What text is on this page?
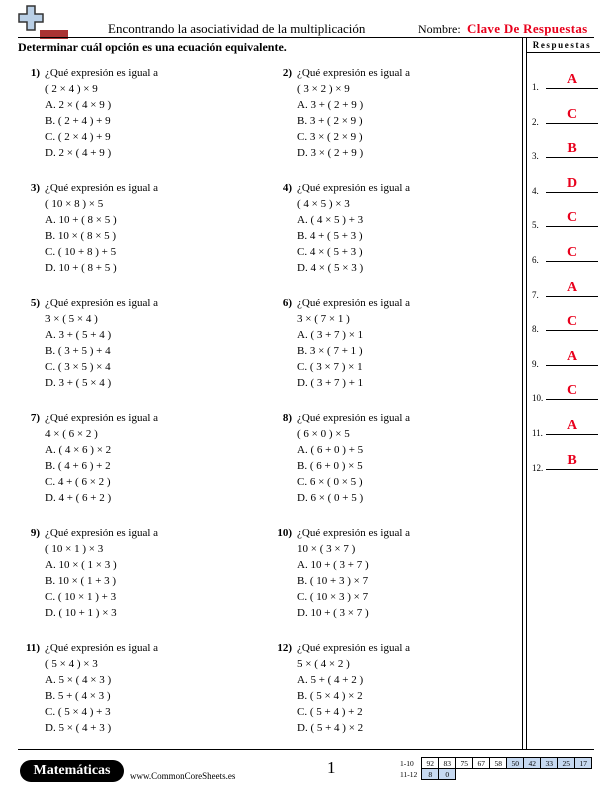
Encontrando la asociatividad de la multiplicación	Nombre: Clave De Respuestas
Determinar cuál opción es una ecuación equivalente.	Respuestas
1) ¿Qué expresión es igual a
( 2 × 4 ) × 9
A. 2 × ( 4 × 9 )
B. ( 2 + 4 ) + 9
C. ( 2 × 4 ) + 9
D. 2 × ( 4 + 9 )
2) ¿Qué expresión es igual a
( 3 × 2 ) × 9
A. 3 + ( 2 + 9 )
B. 3 + ( 2 × 9 )
C. 3 × ( 2 × 9 )
D. 3 × ( 2 + 9 )
3) ¿Qué expresión es igual a
( 10 × 8 ) × 5
A. 10 + ( 8 × 5 )
B. 10 × ( 8 × 5 )
C. ( 10 + 8 ) + 5
D. 10 + ( 8 + 5 )
4) ¿Qué expresión es igual a
( 4 × 5 ) × 3
A. ( 4 × 5 ) + 3
B. 4 + ( 5 + 3 )
C. 4 × ( 5 + 3 )
D. 4 × ( 5 × 3 )
5) ¿Qué expresión es igual a
3 × ( 5 × 4 )
A. 3 + ( 5 + 4 )
B. ( 3 + 5 ) + 4
C. ( 3 × 5 ) × 4
D. 3 + ( 5 × 4 )
6) ¿Qué expresión es igual a
3 × ( 7 × 1 )
A. ( 3 + 7 ) × 1
B. 3 × ( 7 + 1 )
C. ( 3 × 7 ) × 1
D. ( 3 + 7 ) + 1
7) ¿Qué expresión es igual a
4 × ( 6 × 2 )
A. ( 4 × 6 ) × 2
B. ( 4 + 6 ) + 2
C. 4 + ( 6 × 2 )
D. 4 + ( 6 + 2 )
8) ¿Qué expresión es igual a
( 6 × 0 ) × 5
A. ( 6 + 0 ) + 5
B. ( 6 + 0 ) × 5
C. 6 × ( 0 × 5 )
D. 6 × ( 0 + 5 )
9) ¿Qué expresión es igual a
( 10 × 1 ) × 3
A. 10 × ( 1 × 3 )
B. 10 × ( 1 + 3 )
C. ( 10 × 1 ) + 3
D. ( 10 + 1 ) × 3
10) ¿Qué expresión es igual a
10 × ( 3 × 7 )
A. 10 + ( 3 + 7 )
B. ( 10 + 3 ) × 7
C. ( 10 × 3 ) × 7
D. 10 + ( 3 × 7 )
11) ¿Qué expresión es igual a
( 5 × 4 ) × 3
A. 5 × ( 4 × 3 )
B. 5 + ( 4 × 3 )
C. ( 5 × 4 ) + 3
D. 5 × ( 4 + 3 )
12) ¿Qué expresión es igual a
5 × ( 4 × 2 )
A. 5 + ( 4 + 2 )
B. ( 5 × 4 ) × 2
C. ( 5 + 4 ) + 2
D. ( 5 + 4 ) × 2
1.	A
2.	C
3.	B
4.	D
5.	C
6.	C
7.	A
8.	C
9.	A
10.	C
11.	A
12.	B
Matemáticas	www.CommonCoreSheets.es	1	1-10	92	83	75	67	58	50	42	33	25	17
11-12	8	0								
